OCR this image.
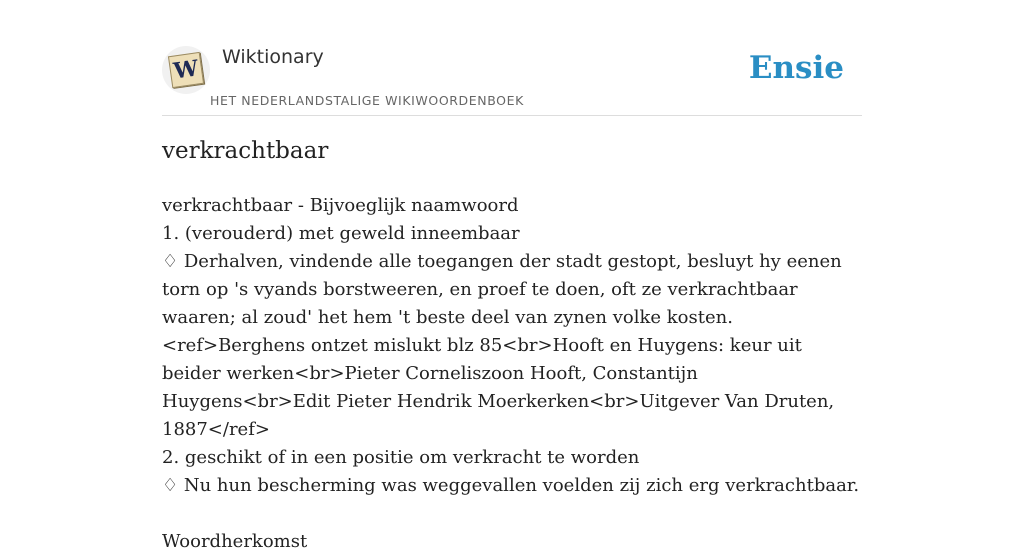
W Wiktionary
HET NEDERLANDSTALIGE WIKIWOORDENBOEK
Ensie
verkrachtbaar

verkrachtbaar - Bijvoeglijk naamwoord

1. (verouderd) met geweld inneembaar

♢ Derhalven, vindende alle toegangen der stadt gestopt, besluyt hy eenen torn op 's vyands borstweeren, en proef te doen, oft ze verkrachtbaar waaren; al zoud' het hem 't beste deel van zynen volke kosten. <ref>Berghens ontzet mislukt blz 85<br>Hooft en Huygens: keur uit beider werken<br>Pieter Corneliszoon Hooft, Constantijn Huygens<br>Edit Pieter Hendrik Moerkerken<br>Uitgever Van Druten, 1887</ref>

2. geschikt of in een positie om verkracht te worden

♢ Nu hun bescherming was weggevallen voelden zij zich erg verkrachtbaar.

Woordherkomst
